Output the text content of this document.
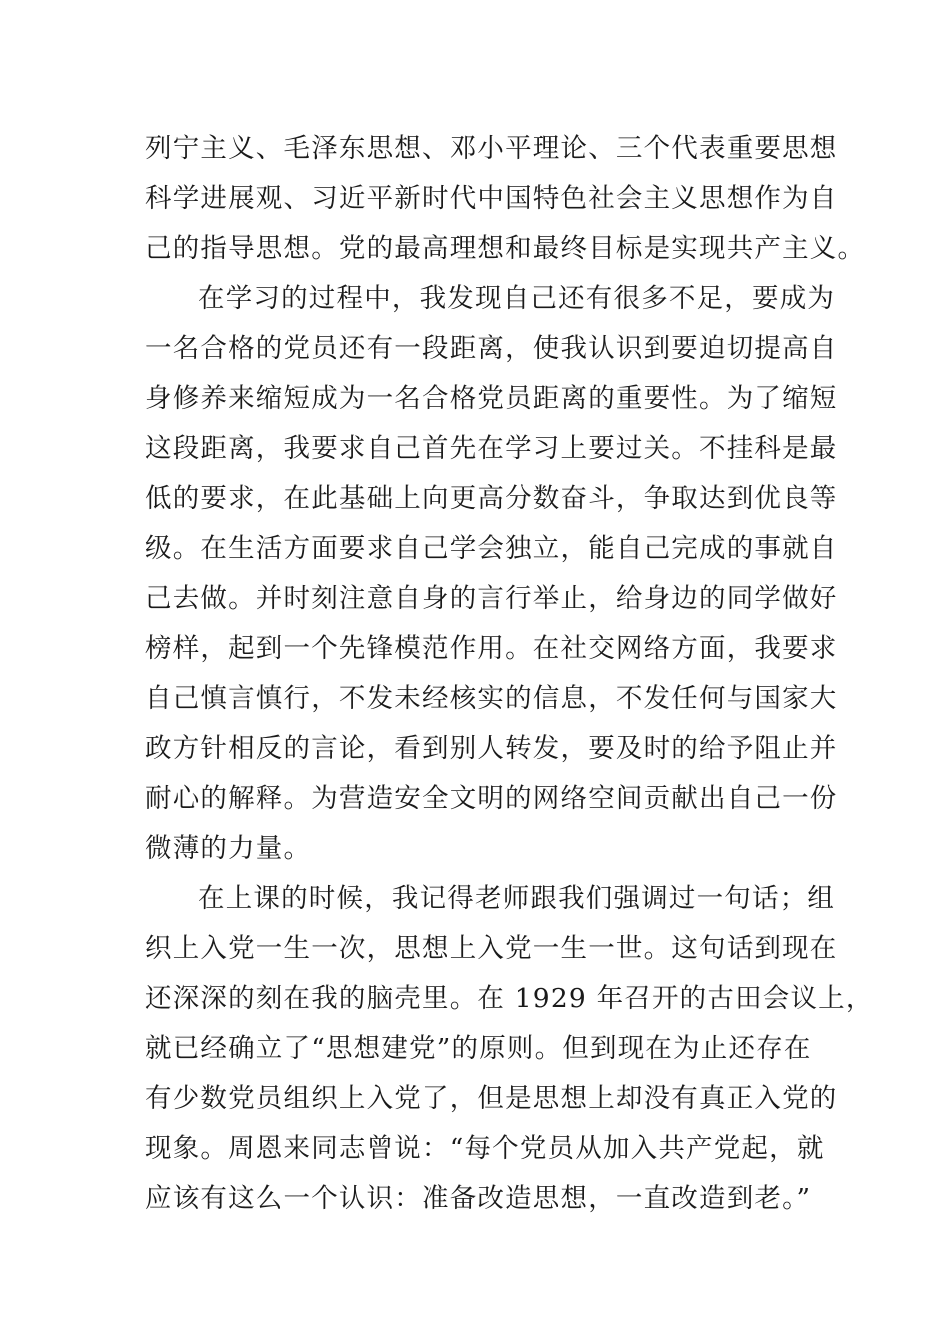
列宁主义、毛泽东思想、邓小平理论、三个代表重要思想
科学进展观、习近平新时代中国特色社会主义思想作为自
己的指导思想。党的最高理想和最终目标是实现共产主义。
在学习的过程中，我发现自己还有很多不足，要成为
一名合格的党员还有一段距离，使我认识到要迫切提高自
身修养来缩短成为一名合格党员距离的重要性。为了缩短
这段距离，我要求自己首先在学习上要过关。不挂科是最
低的要求，在此基础上向更高分数奋斗，争取达到优良等
级。在生活方面要求自己学会独立，能自己完成的事就自
己去做。并时刻注意自身的言行举止，给身边的同学做好
榜样，起到一个先锋模范作用。在社交网络方面，我要求
自己慎言慎行，不发未经核实的信息，不发任何与国家大
政方针相反的言论，看到别人转发，要及时的给予阻止并
耐心的解释。为营造安全文明的网络空间贡献出自己一份
微薄的力量。
在上课的时候，我记得老师跟我们强调过一句话；组
织上入党一生一次，思想上入党一生一世。这句话到现在
还深深的刻在我的脑壳里。在 1929 年召开的古田会议上，
就已经确立了“思想建党”的原则。但到现在为止还存在
有少数党员组织上入党了，但是思想上却没有真正入党的
现象。周恩来同志曾说：“每个党员从加入共产党起，就
应该有这么一个认识：准备改造思想，一直改造到老。”
